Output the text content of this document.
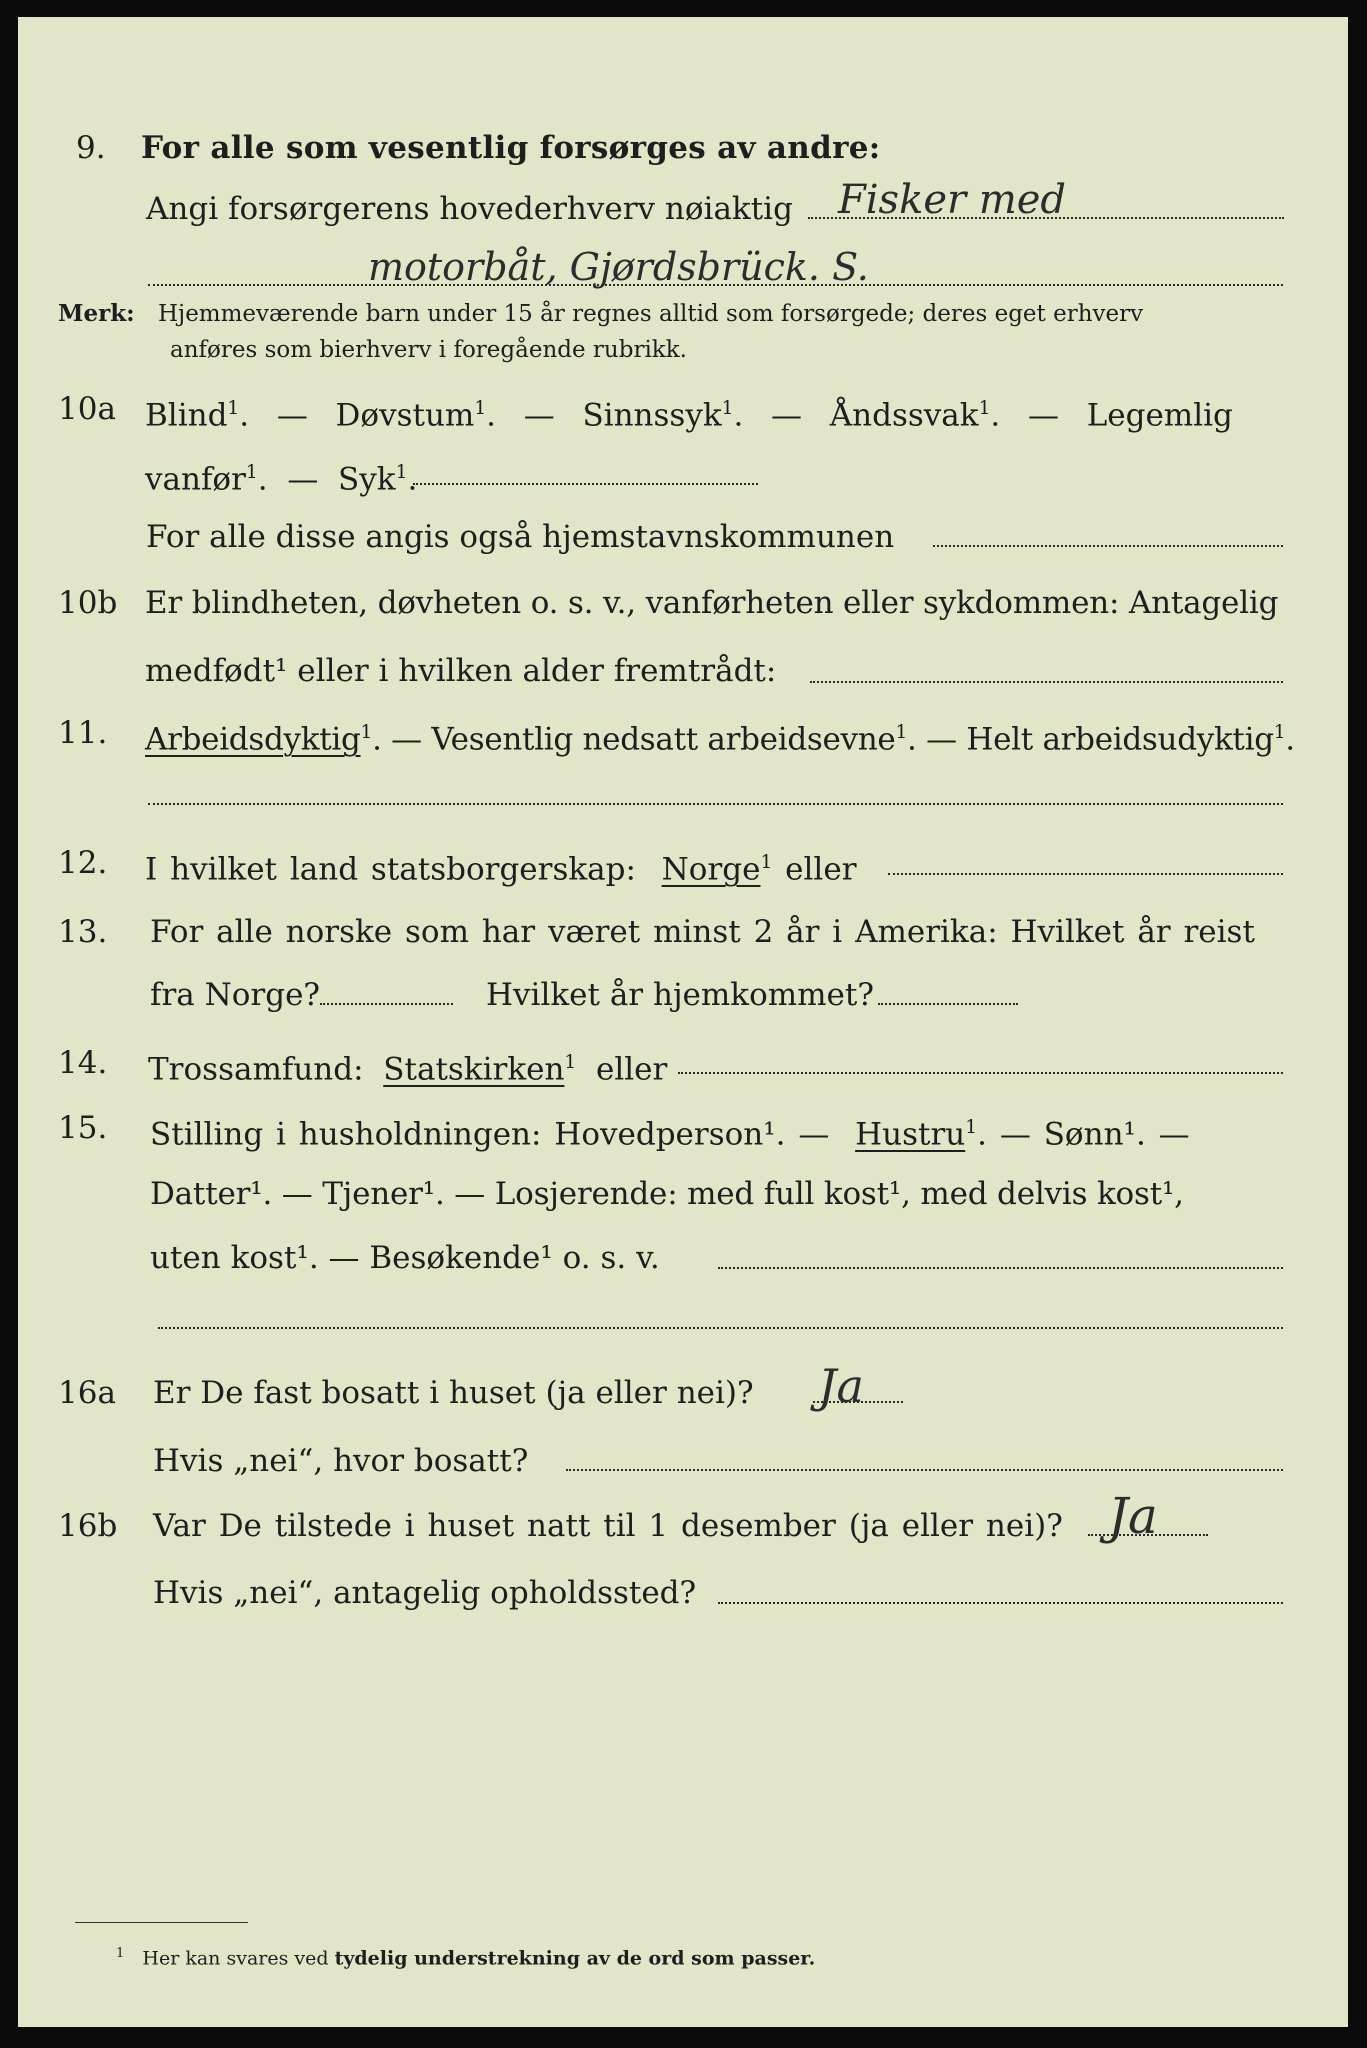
9. For alle som vesentlig forsørges av andre:
Angi forsørgerens hovederhverv nøiaktig Fisker med
motorbåt, Gjørdsbrück. S.
Merk: Hjemmeværende barn under 15 år regnes alltid som forsørgede; deres eget erhverv
anføres som bierhverv i foregående rubrikk.
10a Blind$^1$.  —  Døvstum$^1$.  —  Sinnssyk$^1$.  —  Åndssvak$^1$.  —  Legemlig
vanfør$^1$.  —  Syk$^1$.
For alle disse angis også hjemstavnskommunen
10b Er blindheten, døvheten o. s. v., vanførheten eller sykdommen: Antagelig
medfødt¹ eller i hvilken alder fremtrådt:
11. Arbeidsdyktig$^1$. — Vesentlig nedsatt arbeidsevne$^1$. — Helt arbeidsudyktig$^1$.
12. I hvilket land statsborgerskap: Norge$^1$ eller
13. For alle norske som har været minst 2 år i Amerika: Hvilket år reist
fra Norge?	Hvilket år hjemkommet?
14. Trossamfund: Statskirken$^1$ eller
15. Stilling i husholdningen: Hovedperson¹. — Hustru$^1$. — Sønn¹. —
Datter¹. — Tjener¹. — Losjerende: med full kost¹, med delvis kost¹,
uten kost¹. — Besøkende¹ o. s. v.
16a Er De fast bosatt i huset (ja eller nei)? Ja
Hvis „nei“, hvor bosatt?
16b Var De tilstede i huset natt til 1 desember (ja eller nei)? Ja
Hvis „nei“, antagelig opholdssted?
$^1$ Her kan svares ved tydelig understrekning av de ord som passer.
